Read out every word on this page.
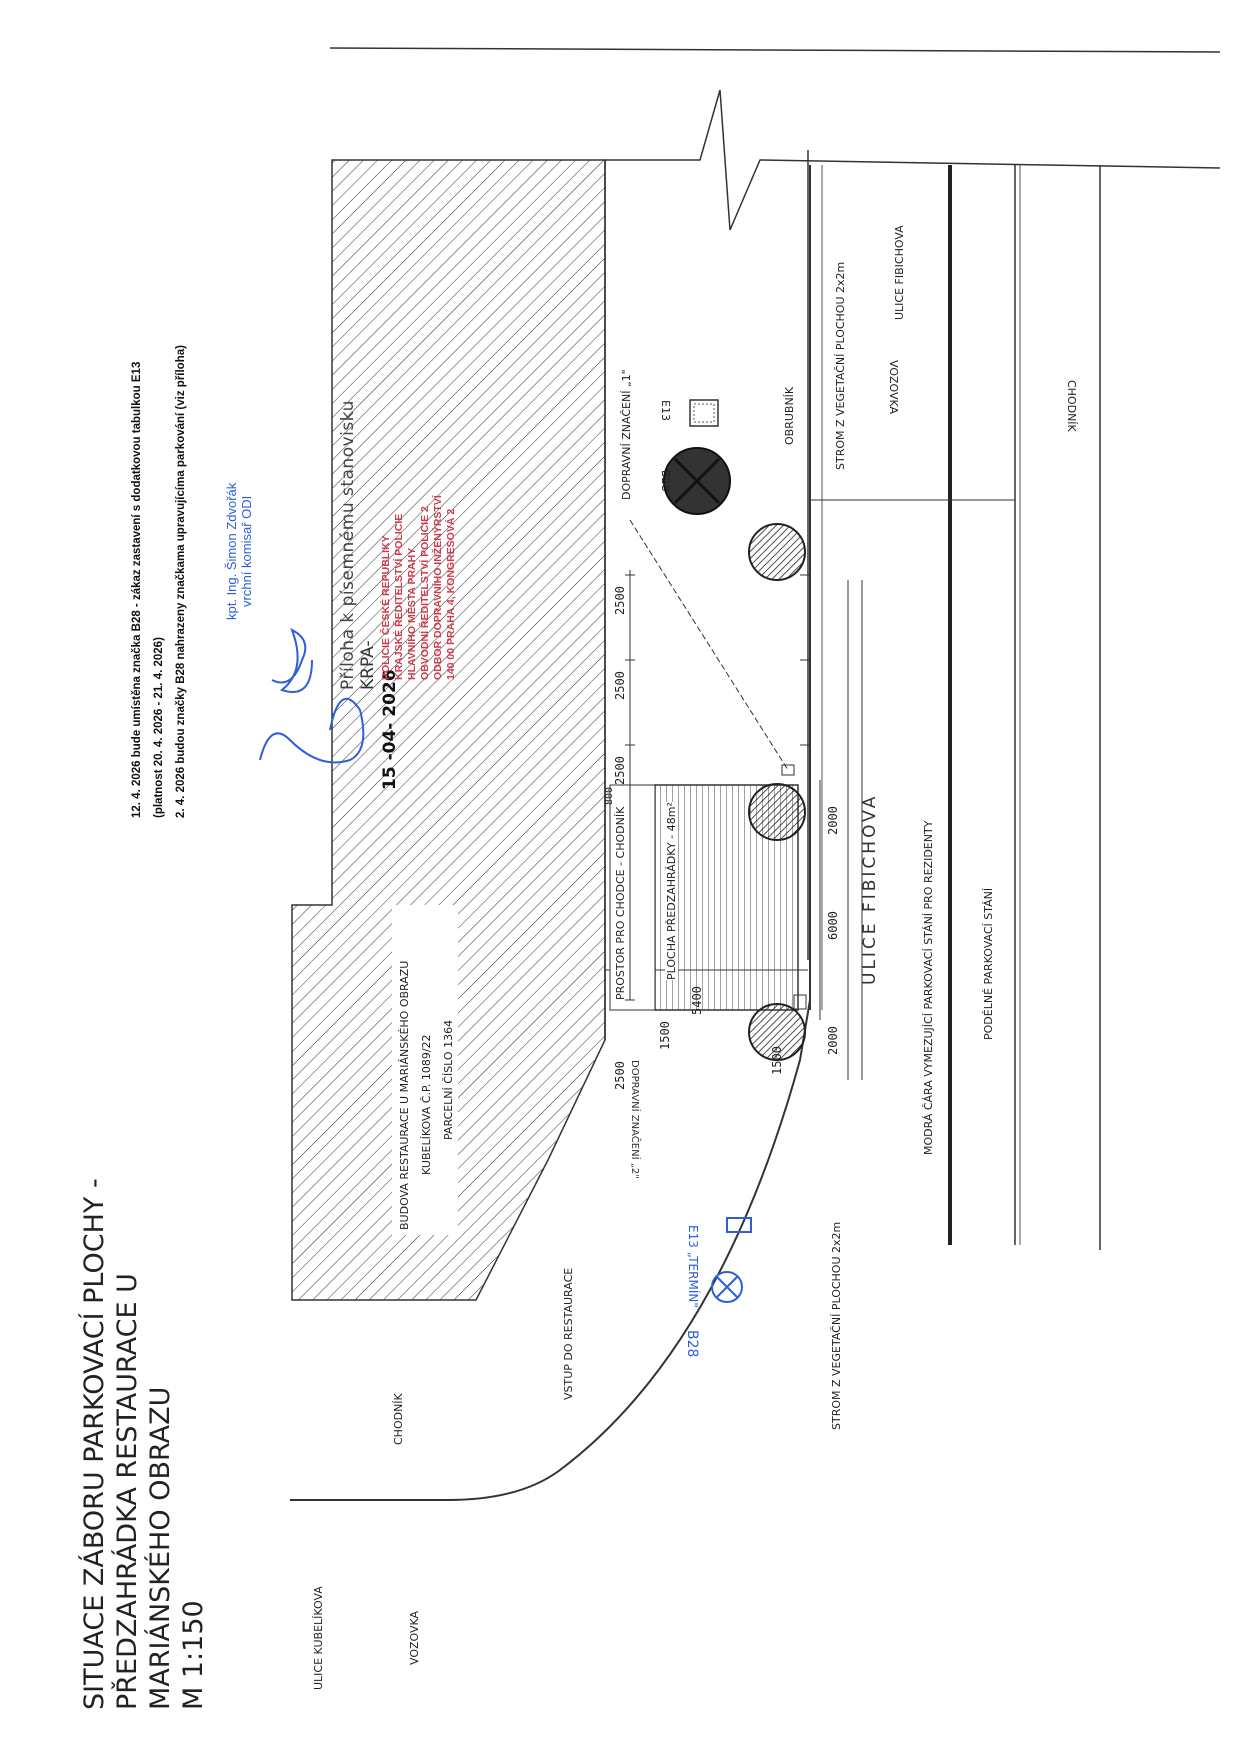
SITUACE ZÁBORU PARKOVACÍ PLOCHY - PŘEDZAHRÁDKA RESTAURACE U MARIÁNSKÉHO OBRAZU M 1:150
12. 4. 2026 bude umístěna značka B28 - zákaz zastavení s dodatkovou tabulkou E13 (platnost 20. 4. 2026 - 21. 4. 2026) 2. 4. 2026 budou značky B28 nahrazeny značkama upravujícíma parkování (viz příloha)	Příloha k písemnému stanovisku KRPA-
15 -04- 2026
POLICIE ČESKÉ REPUBLIKY KRAJSKÉ ŘEDITELSTVÍ POLICIE HLAVNÍHO MĚSTA PRAHY OBVODNÍ ŘEDITELSTVÍ POLICIE 2 ODBOR DOPRAVNÍHO INŽENÝRSTVÍ 140 00 PRAHA 4, KONGRESOVÁ 2
kpt. Ing. Šimon Zdvořák vrchní komisař ODI
ULICE KUBELÍKOVA	VOZOVKA
CHODNÍK
VSTUP DO RESTAURACE
BUDOVA RESTAURACE U MARIÁNSKÉHO OBRAZU KUBELÍKOVA Č.P. 1089/22 PARCELNÍ ČÍSLO 1364
PROSTOR PRO CHODCE - CHODNÍK	PLOCHA PŘEDZAHRÁDKY - 48m²
STROM Z VEGETAČNÍ PLOCHOU 2x2m
STROM Z VEGETAČNÍ PLOCHOU 2x2m	ULICE FIBICHOVA
ULICE FIBICHOVA	MODRÁ ČÁRA VYMEZUJÍCÍ PARKOVACÍ STÁNÍ PRO REZIDENTY	PODÉLNÉ PARKOVACÍ STÁNÍ
DOPRAVNÍ ZNAČENÍ „1"	OBRUBNÍK	VOZOVKA	CHODNÍK
B28
E13
B28
E13 „TERMÍN"
DOPRAVNÍ ZNAČENÍ „2"
2500
2500
2500
2500
2000
6000
2000
1500
1500
5400
800
